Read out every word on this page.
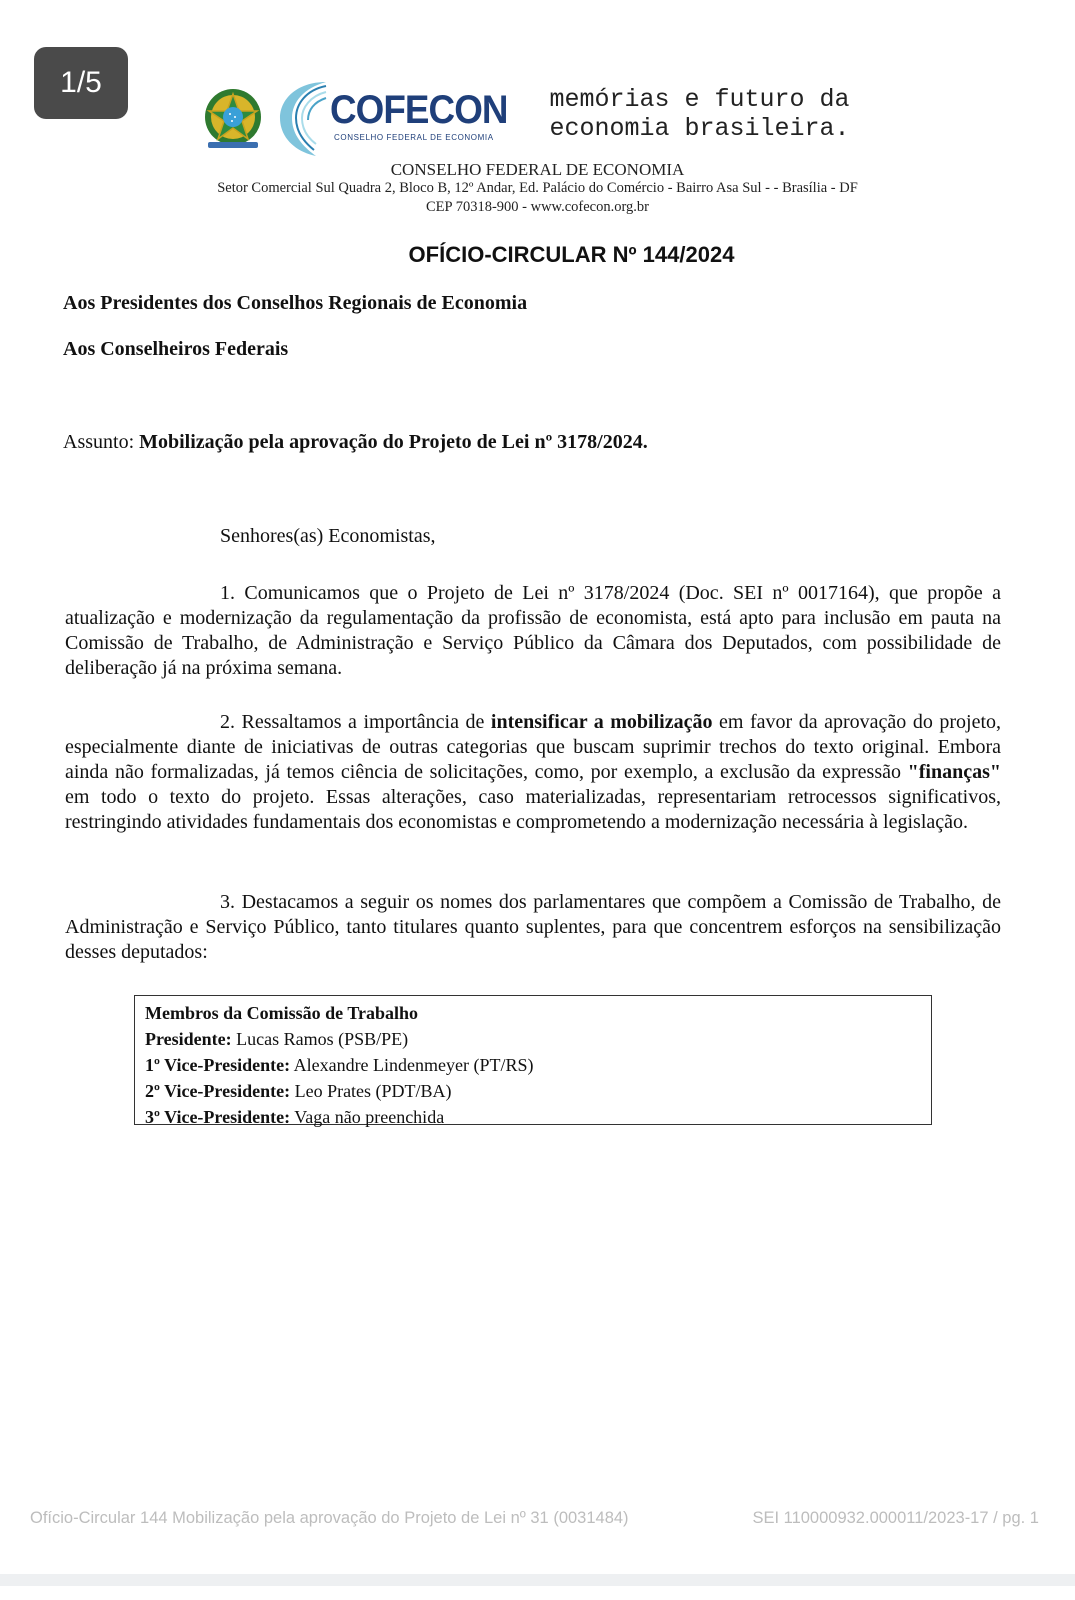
1/5
COFECON
CONSELHO FEDERAL DE ECONOMIA
memórias e futuro da
economia brasileira.
CONSELHO FEDERAL DE ECONOMIA
Setor Comercial Sul Quadra 2, Bloco B, 12º Andar, Ed. Palácio do Comércio - Bairro Asa Sul - - Brasília - DF
CEP 70318-900 - www.cofecon.org.br
OFÍCIO-CIRCULAR Nº 144/2024
Aos Presidentes dos Conselhos Regionais de Economia
Aos Conselheiros Federais
Assunto: Mobilização pela aprovação do Projeto de Lei nº 3178/2024.
Senhores(as) Economistas,
1. Comunicamos que o Projeto de Lei nº 3178/2024 (Doc. SEI nº 0017164), que propõe a atualização e modernização da regulamentação da profissão de economista, está apto para inclusão em pauta na Comissão de Trabalho, de Administração e Serviço Público da Câmara dos Deputados, com possibilidade de deliberação já na próxima semana.
2. Ressaltamos a importância de intensificar a mobilização em favor da aprovação do projeto, especialmente diante de iniciativas de outras categorias que buscam suprimir trechos do texto original. Embora ainda não formalizadas, já temos ciência de solicitações, como, por exemplo, a exclusão da expressão "finanças" em todo o texto do projeto. Essas alterações, caso materializadas, representariam retrocessos significativos, restringindo atividades fundamentais dos economistas e comprometendo a modernização necessária à legislação.
3. Destacamos a seguir os nomes dos parlamentares que compõem a Comissão de Trabalho, de Administração e Serviço Público, tanto titulares quanto suplentes, para que concentrem esforços na sensibilização desses deputados:
Membros da Comissão de Trabalho
Presidente: Lucas Ramos (PSB/PE)
1º Vice-Presidente: Alexandre Lindenmeyer (PT/RS)
2º Vice-Presidente: Leo Prates (PDT/BA)
3º Vice-Presidente: Vaga não preenchida
Ofício-Circular 144 Mobilização pela aprovação do Projeto de Lei nº 31 (0031484)	SEI 110000932.000011/2023-17 / pg. 1
